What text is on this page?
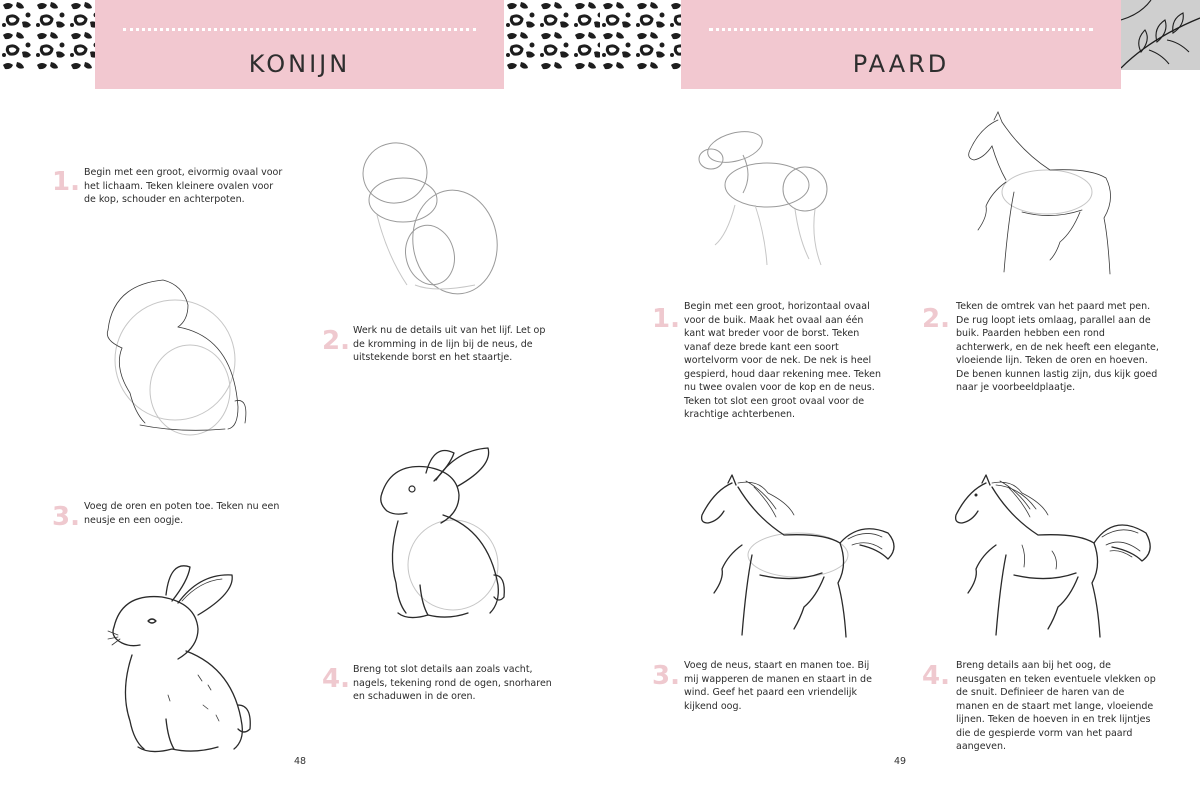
KONIJN
1. Begin met een groot, eivormig ovaal voor het lichaam. Teken kleinere ovalen voor de kop, schouder en achterpoten.
2. Werk nu de details uit van het lijf. Let op de kromming in de lijn bij de neus, de uitstekende borst en het staartje.
3. Voeg de oren en poten toe. Teken nu een neusje en een oogje.
4. Breng tot slot details aan zoals vacht, nagels, tekening rond de ogen, snorharen en schaduwen in de oren.
48
PAARD
1. Begin met een groot, horizontaal ovaal voor de buik. Maak het ovaal aan één kant wat breder voor de borst. Teken vanaf deze brede kant een soort wortelvorm voor de nek. De nek is heel gespierd, houd daar rekening mee. Teken nu twee ovalen voor de kop en de neus. Teken tot slot een groot ovaal voor de krachtige achterbenen.
2. Teken de omtrek van het paard met pen. De rug loopt iets omlaag, parallel aan de buik. Paarden hebben een rond achterwerk, en de nek heeft een elegante, vloeiende lijn. Teken de oren en hoeven. De benen kunnen lastig zijn, dus kijk goed naar je voorbeeldplaatje.
3. Voeg de neus, staart en manen toe. Bij mij wapperen de manen en staart in de wind. Geef het paard een vriendelijk kijkend oog.
4. Breng details aan bij het oog, de neusgaten en teken eventuele vlekken op de snuit. Definieer de haren van de manen en de staart met lange, vloeiende lijnen. Teken de hoeven in en trek lijntjes die de gespierde vorm van het paard aangeven.
49
